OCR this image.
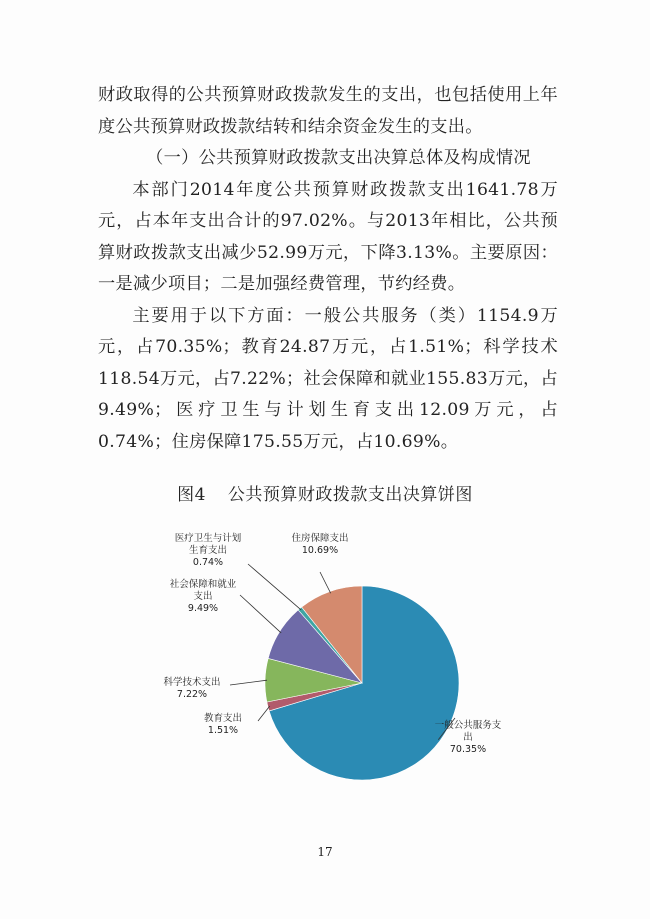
财政取得的公共预算财政拨款发生的支出，也包括使用上年度公共预算财政拨款结转和结余资金发生的支出。

（一）公共预算财政拨款支出决算总体及构成情况

本部门2014年度公共预算财政拨款支出1641.78万元，占本年支出合计的97.02%。与2013年相比，公共预算财政拨款支出减少52.99万元，下降3.13%。主要原因：一是减少项目；二是加强经费管理，节约经费。

主要用于以下方面：一般公共服务（类）1154.9万元，占70.35%；教育24.87万元，占1.51%；科学技术118.54万元，占7.22%；社会保障和就业155.83万元，占9.49%；医疗卫生与计划生育支出12.09万元，占0.74%；住房保障175.55万元，占10.69%。

图4 公共预算财政拨款支出决算饼图
一般公共服务支出 70.35%
教育支出 1.51%
科学技术支出 7.22%
社会保障和就业支出 9.49%
医疗卫生与计划生育支出 0.74%
住房保障支出 10.69%
17
